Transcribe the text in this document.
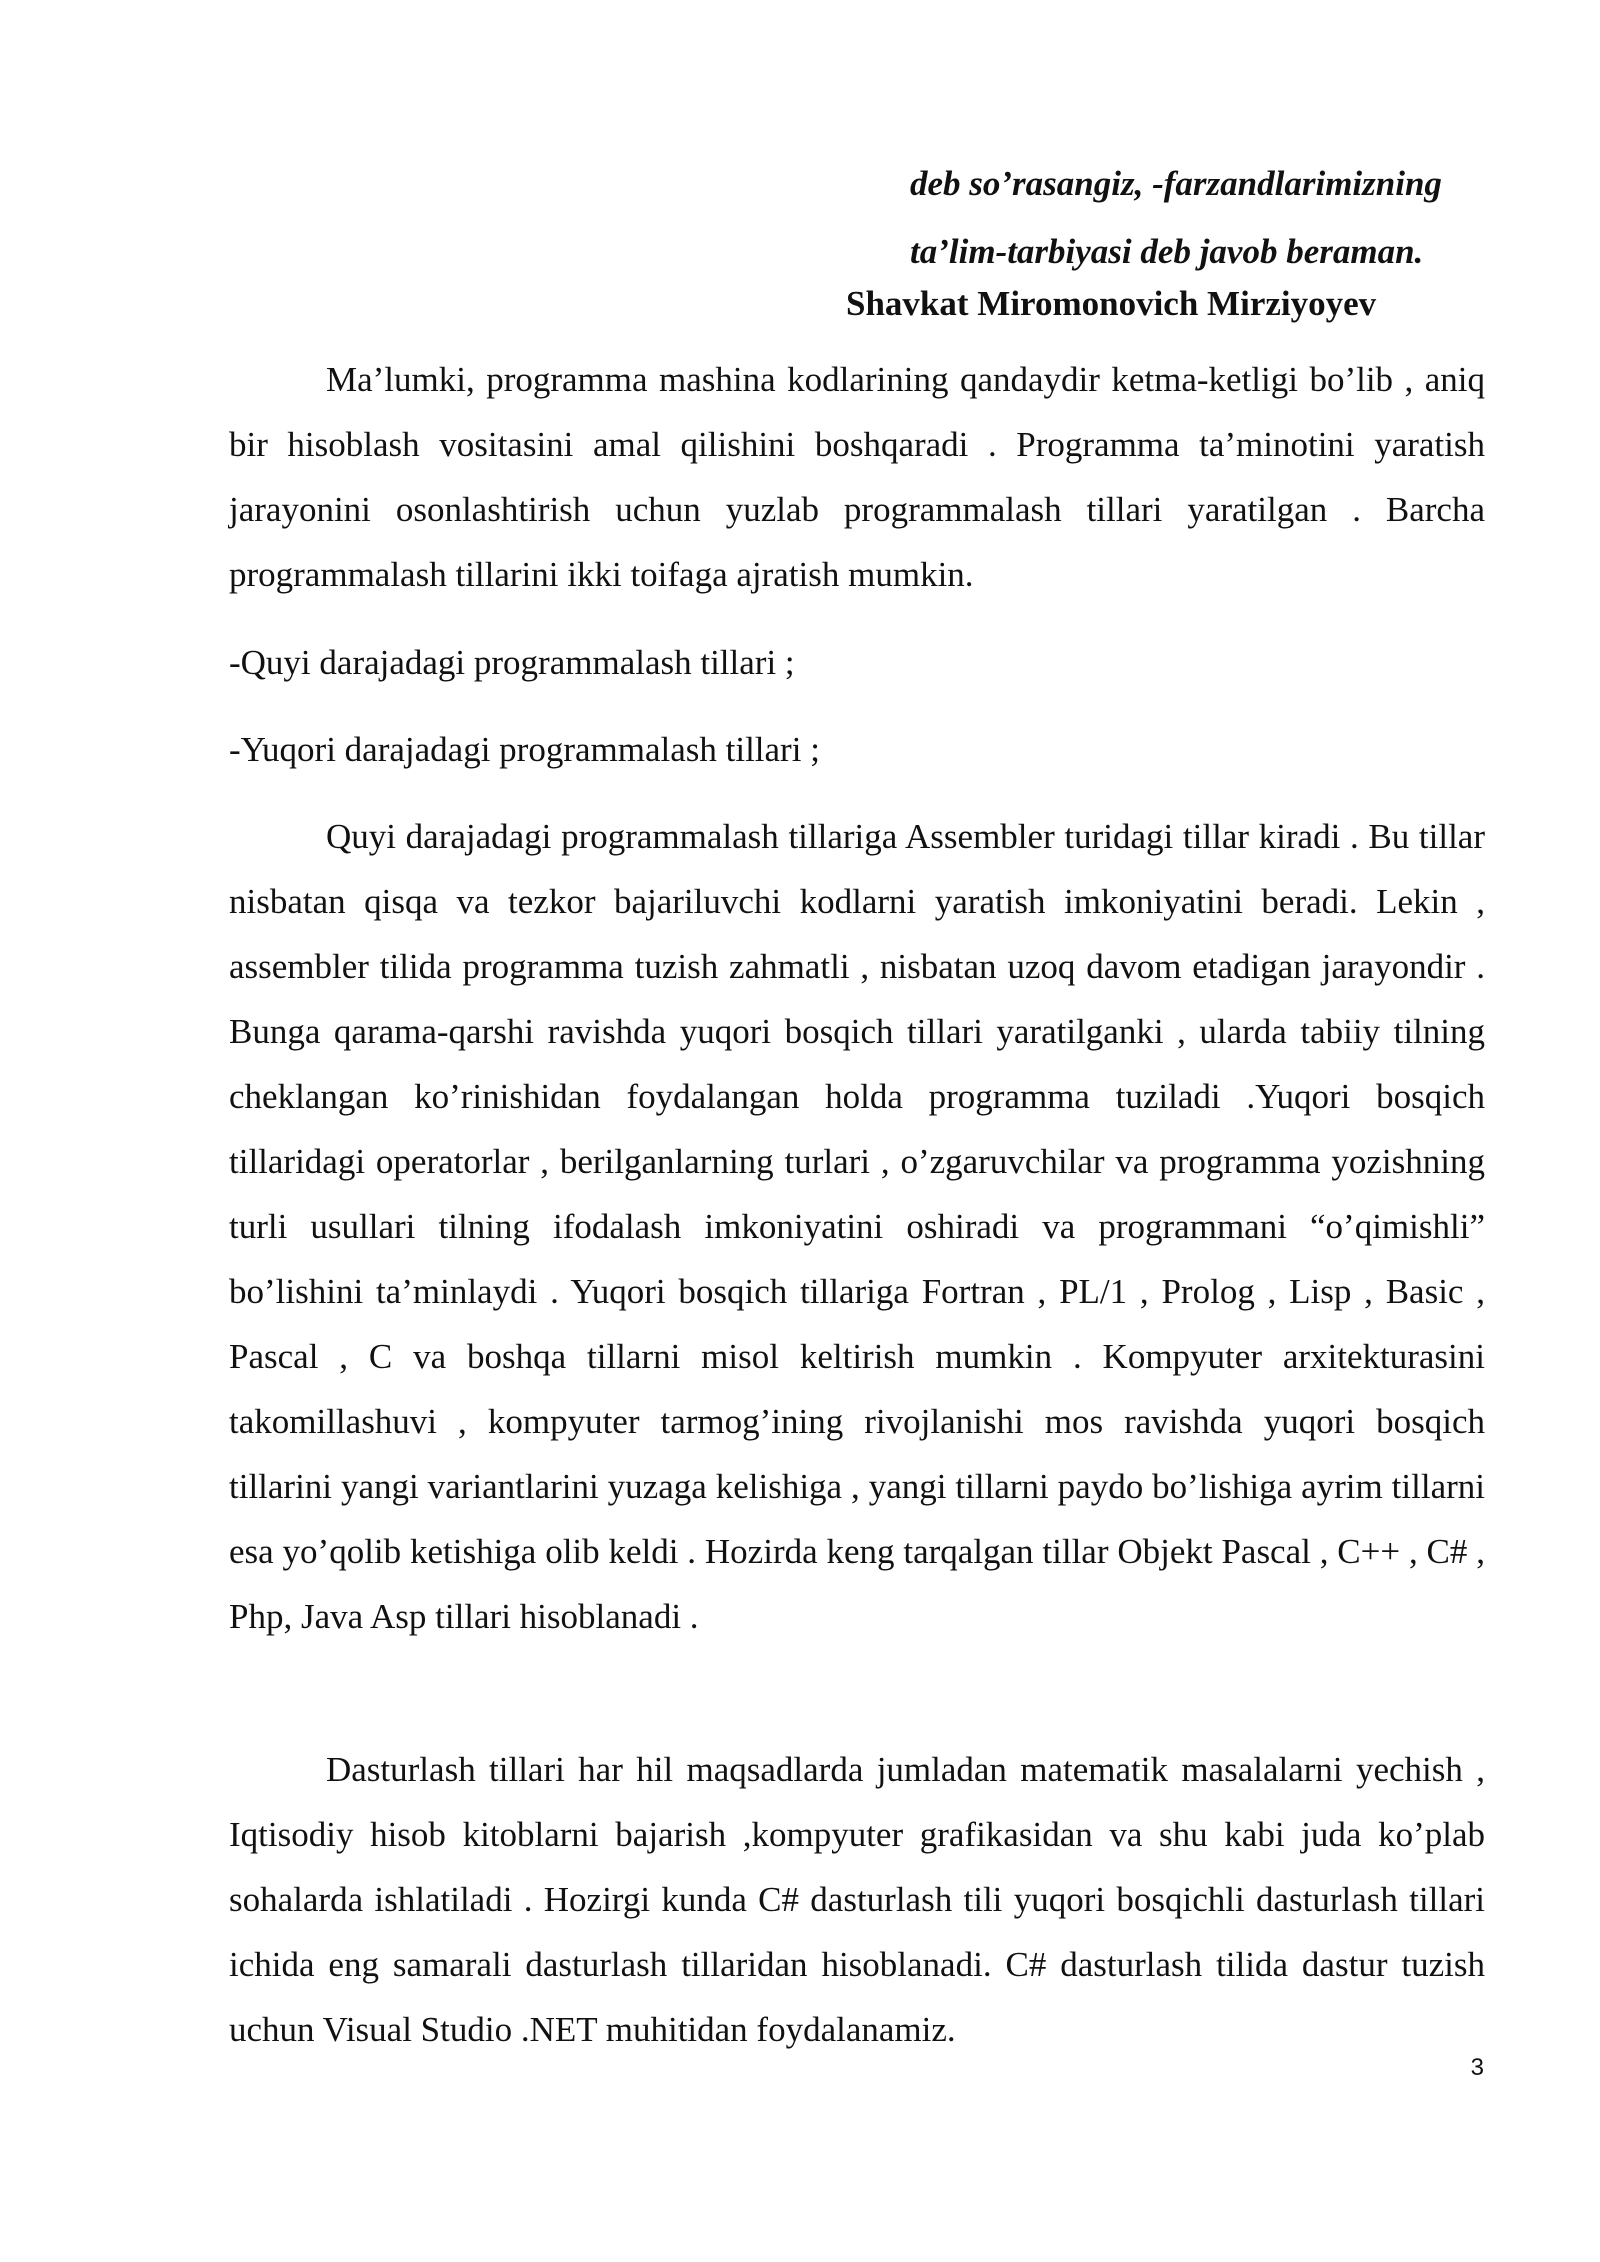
deb so’rasangiz, -farzandlarimizning
ta’lim-tarbiyasi deb javob beraman.
Shavkat Miromonovich Mirziyoyev

Ma’lumki, programma mashina kodlarining qandaydir ketma-ketligi bo’lib , aniq bir hisoblash vositasini amal qilishini boshqaradi . Programma ta’minotini yaratish jarayonini osonlashtirish uchun yuzlab programmalash tillari yaratilgan . Barcha programmalash tillarini ikki toifaga ajratish mumkin.

-Quyi darajadagi programmalash tillari ;

-Yuqori darajadagi programmalash tillari ;

Quyi darajadagi programmalash tillariga Assembler turidagi tillar kiradi . Bu tillar nisbatan qisqa va tezkor bajariluvchi kodlarni yaratish imkoniyatini beradi. Lekin , assembler tilida programma tuzish zahmatli , nisbatan uzoq davom etadigan jarayondir . Bunga qarama-qarshi ravishda yuqori bosqich tillari yaratilganki , ularda tabiiy tilning cheklangan ko’rinishidan foydalangan holda programma tuziladi .Yuqori bosqich tillaridagi operatorlar , berilganlarning turlari , o’zgaruvchilar va programma yozishning turli usullari tilning ifodalash imkoniyatini oshiradi va programmani “o’qimishli” bo’lishini ta’minlaydi . Yuqori bosqich tillariga Fortran , PL/1 , Prolog , Lisp , Basic , Pascal , C va boshqa tillarni misol keltirish mumkin . Kompyuter arxitekturasini takomillashuvi , kompyuter tarmog’ining rivojlanishi mos ravishda yuqori bosqich tillarini yangi variantlarini yuzaga kelishiga , yangi tillarni paydo bo’lishiga ayrim tillarni esa yo’qolib ketishiga olib keldi . Hozirda keng tarqalgan tillar Objekt Pascal , C++ , C# , Php, Java Asp tillari hisoblanadi .

Dasturlash tillari har hil maqsadlarda jumladan matematik masalalarni yechish , Iqtisodiy hisob kitoblarni bajarish ,kompyuter grafikasidan va shu kabi juda ko’plab sohalarda ishlatiladi . Hozirgi kunda C# dasturlash tili yuqori bosqichli dasturlash tillari ichida eng samarali dasturlash tillaridan hisoblanadi. C# dasturlash tilida dastur tuzish uchun Visual Studio .NET muhitidan foydalanamiz.

3
